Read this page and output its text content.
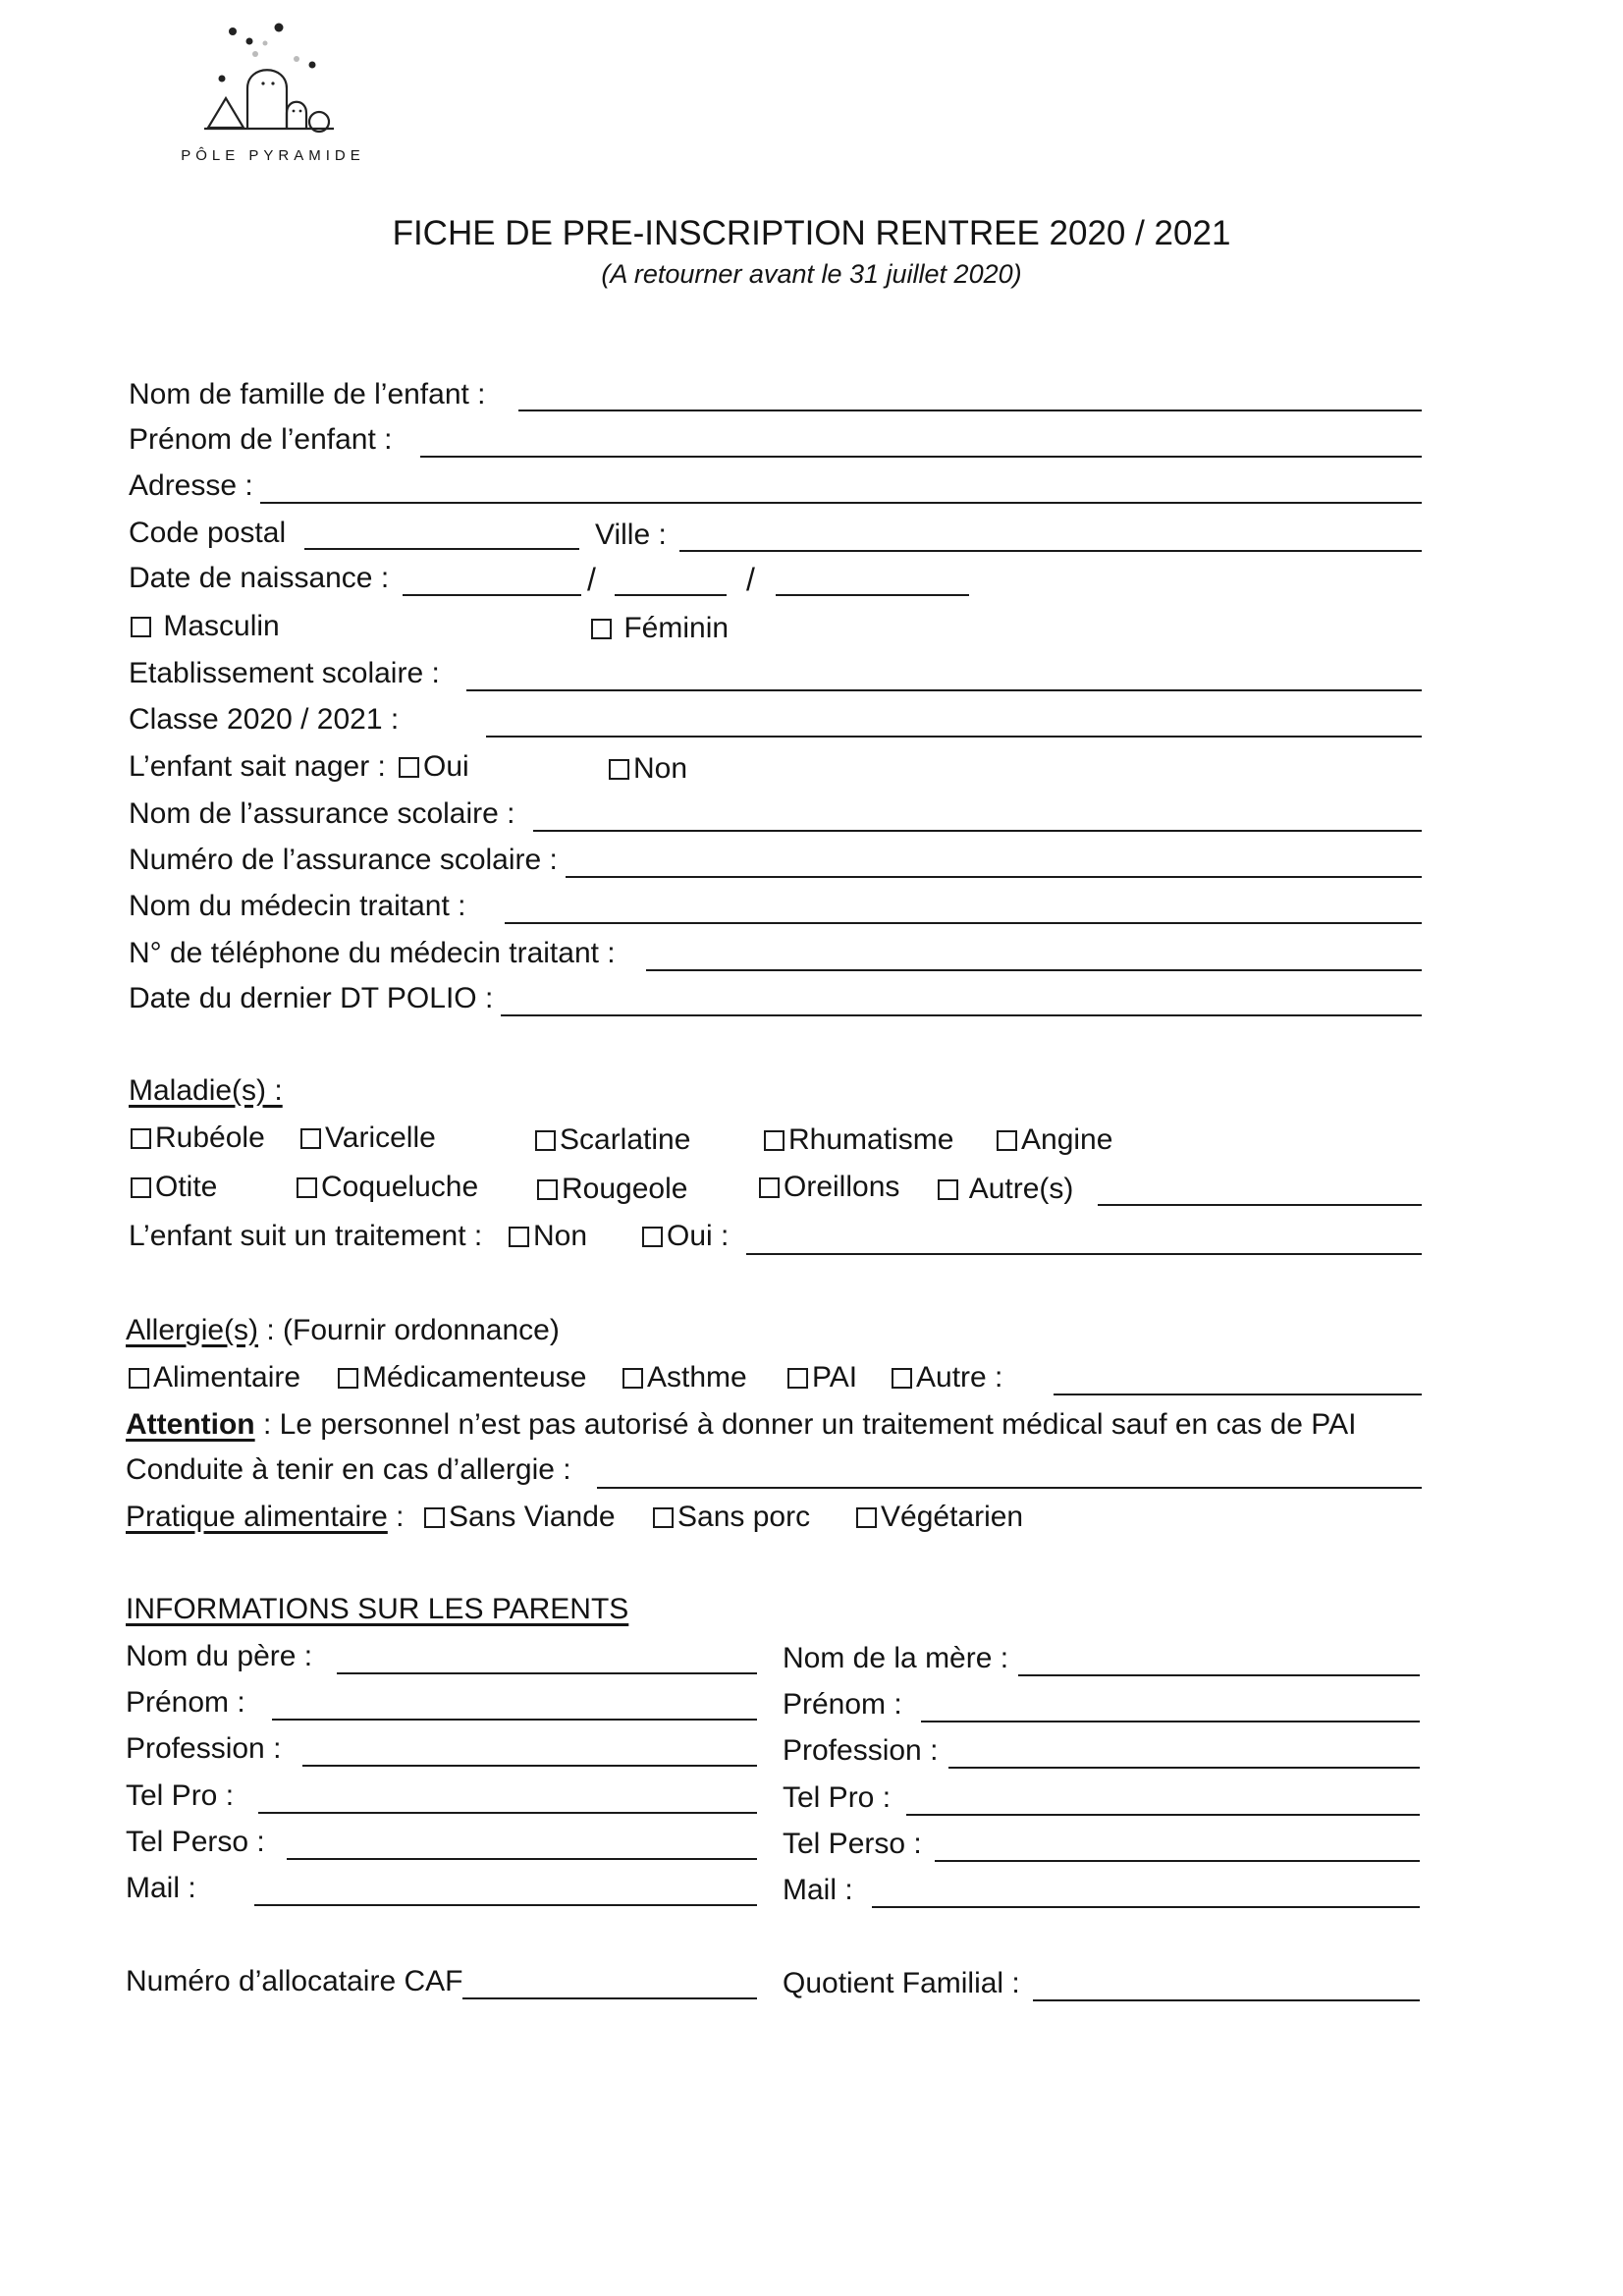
PÔLE PYRAMIDE
FICHE DE PRE-INSCRIPTION RENTREE 2020 / 2021
(A retourner avant le 31 juillet 2020)
Nom de famille de l’enfant :
Prénom de l’enfant :
Adresse :
Code postal	Ville :
Date de naissance :	/	/
Masculin	Féminin
Etablissement scolaire :
Classe 2020 / 2021 :
L’enfant sait nager :	Oui	Non
Nom de l’assurance scolaire :
Numéro de l’assurance scolaire :
Nom du médecin traitant :
N° de téléphone du médecin traitant :
Date du dernier DT POLIO :
Maladie(s) :
Rubéole	Varicelle	Scarlatine	Rhumatisme	Angine
Otite	Coqueluche	Rougeole	Oreillons	Autre(s)
L’enfant suit un traitement :	Non	Oui :
Allergie(s) : (Fournir ordonnance)
Alimentaire	Médicamenteuse	Asthme	PAI	Autre :
Attention : Le personnel n’est pas autorisé à donner un traitement médical sauf en cas de PAI
Conduite à tenir en cas d’allergie :
Pratique alimentaire :	Sans Viande	Sans porc	Végétarien
INFORMATIONS SUR LES PARENTS
Nom du père :	Nom de la mère :
Prénom :	Prénom :
Profession :	Profession :
Tel Pro :	Tel Pro :
Tel Perso :	Tel Perso :
Mail :	Mail :
Numéro d’allocataire CAF	Quotient Familial :
